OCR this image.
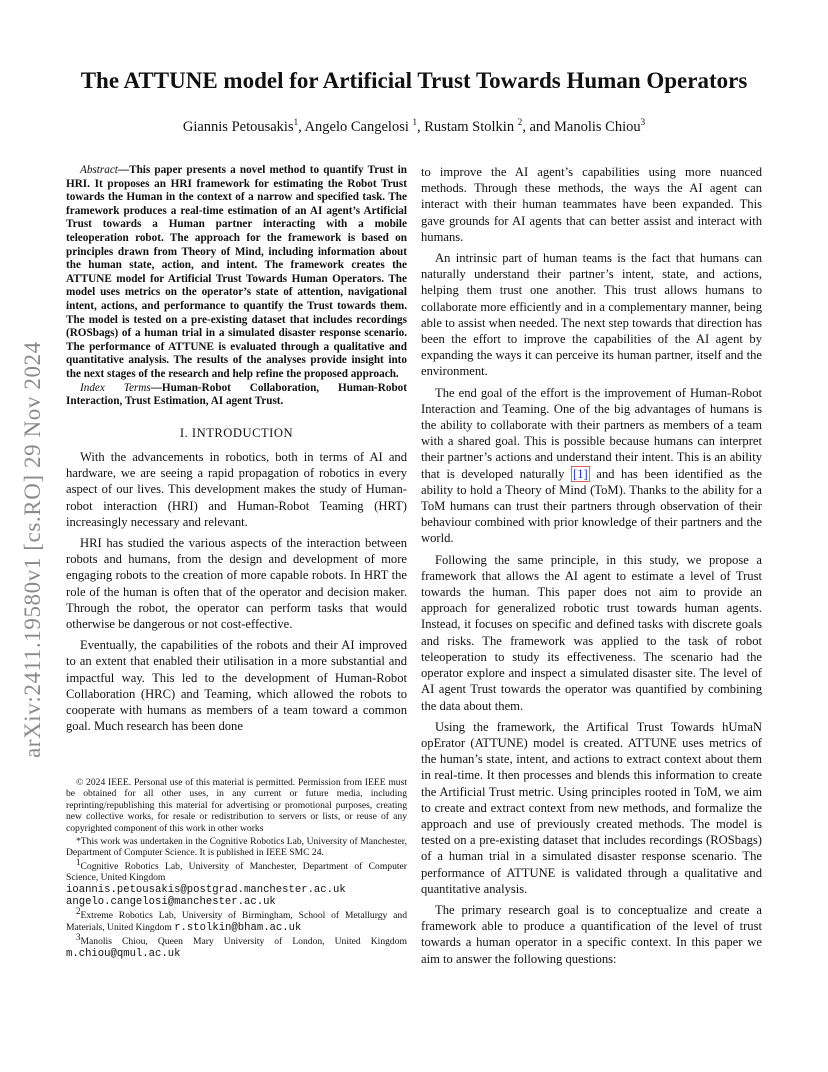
arXiv:2411.19580v1 [cs.RO] 29 Nov 2024
The ATTUNE model for Artificial Trust Towards Human Operators
Giannis Petousakis$^1$, Angelo Cangelosi $^1$, Rustam Stolkin $^2$, and Manolis Chiou$^3$

Abstract—This paper presents a novel method to quantify Trust in HRI. It proposes an HRI framework for estimating the Robot Trust towards the Human in the context of a narrow and specified task. The framework produces a real-time estimation of an AI agent’s Artificial Trust towards a Human partner interacting with a mobile teleoperation robot. The approach for the framework is based on principles drawn from Theory of Mind, including information about the human state, action, and intent. The framework creates the ATTUNE model for Artificial Trust Towards Human Operators. The model uses metrics on the operator’s state of attention, navigational intent, actions, and performance to quantify the Trust towards them. The model is tested on a pre-existing dataset that includes recordings (ROSbags) of a human trial in a simulated disaster response scenario. The performance of ATTUNE is evaluated through a qualitative and quantitative analysis. The results of the analyses provide insight into the next stages of the research and help refine the proposed approach.

Index Terms—Human-Robot Collaboration, Human-Robot Interaction, Trust Estimation, AI agent Trust.

I. INTRODUCTION

With the advancements in robotics, both in terms of AI and hardware, we are seeing a rapid propagation of robotics in every aspect of our lives. This development makes the study of Human-robot interaction (HRI) and Human-Robot Teaming (HRT) increasingly necessary and relevant.

HRI has studied the various aspects of the interaction between robots and humans, from the design and development of more engaging robots to the creation of more capable robots. In HRT the role of the human is often that of the operator and decision maker. Through the robot, the operator can perform tasks that would otherwise be dangerous or not cost-effective.

Eventually, the capabilities of the robots and their AI improved to an extent that enabled their utilisation in a more substantial and impactful way. This led to the development of Human-Robot Collaboration (HRC) and Teaming, which allowed the robots to cooperate with humans as members of a team toward a common goal. Much research has been done

© 2024 IEEE. Personal use of this material is permitted. Permission from IEEE must be obtained for all other uses, in any current or future media, including reprinting/republishing this material for advertising or promotional purposes, creating new collective works, for resale or redistribution to servers or lists, or reuse of any copyrighted component of this work in other works

*This work was undertaken in the Cognitive Robotics Lab, University of Manchester, Department of Computer Science. It is published in IEEE SMC 24.

$^1$Cognitive Robotics Lab, University of Manchester, Department of Computer Science, United Kingdom
ioannis.petousakis@postgrad.manchester.ac.uk
angelo.cangelosi@manchester.ac.uk

$^2$Extreme Robotics Lab, University of Birmingham, School of Metallurgy and Materials, United Kingdom r.stolkin@bham.ac.uk

$^3$Manolis Chiou, Queen Mary University of London, United Kingdom m.chiou@qmul.ac.uk

to improve the AI agent’s capabilities using more nuanced methods. Through these methods, the ways the AI agent can interact with their human teammates have been expanded. This gave grounds for AI agents that can better assist and interact with humans.

An intrinsic part of human teams is the fact that humans can naturally understand their partner’s intent, state, and actions, helping them trust one another. This trust allows humans to collaborate more efficiently and in a complementary manner, being able to assist when needed. The next step towards that direction has been the effort to improve the capabilities of the AI agent by expanding the ways it can perceive its human partner, itself and the environment.

The end goal of the effort is the improvement of Human-Robot Interaction and Teaming. One of the big advantages of humans is the ability to collaborate with their partners as members of a team with a shared goal. This is possible because humans can interpret their partner’s actions and understand their intent. This is an ability that is developed naturally [1] and has been identified as the ability to hold a Theory of Mind (ToM). Thanks to the ability for a ToM humans can trust their partners through observation of their behaviour combined with prior knowledge of their partners and the world.

Following the same principle, in this study, we propose a framework that allows the AI agent to estimate a level of Trust towards the human. This paper does not aim to provide an approach for generalized robotic trust towards human agents. Instead, it focuses on specific and defined tasks with discrete goals and risks. The framework was applied to the task of robot teleoperation to study its effectiveness. The scenario had the operator explore and inspect a simulated disaster site. The level of AI agent Trust towards the operator was quantified by combining the data about them.

Using the framework, the Artifical Trust Towards hUmaN opErator (ATTUNE) model is created. ATTUNE uses metrics of the human’s state, intent, and actions to extract context about them in real-time. It then processes and blends this information to create the Artificial Trust metric. Using principles rooted in ToM, we aim to create and extract context from new methods, and formalize the approach and use of previously created methods. The model is tested on a pre-existing dataset that includes recordings (ROSbags) of a human trial in a simulated disaster response scenario. The performance of ATTUNE is validated through a qualitative and quantitative analysis.

The primary research goal is to conceptualize and create a framework able to produce a quantification of the level of trust towards a human operator in a specific context. In this paper we aim to answer the following questions:
